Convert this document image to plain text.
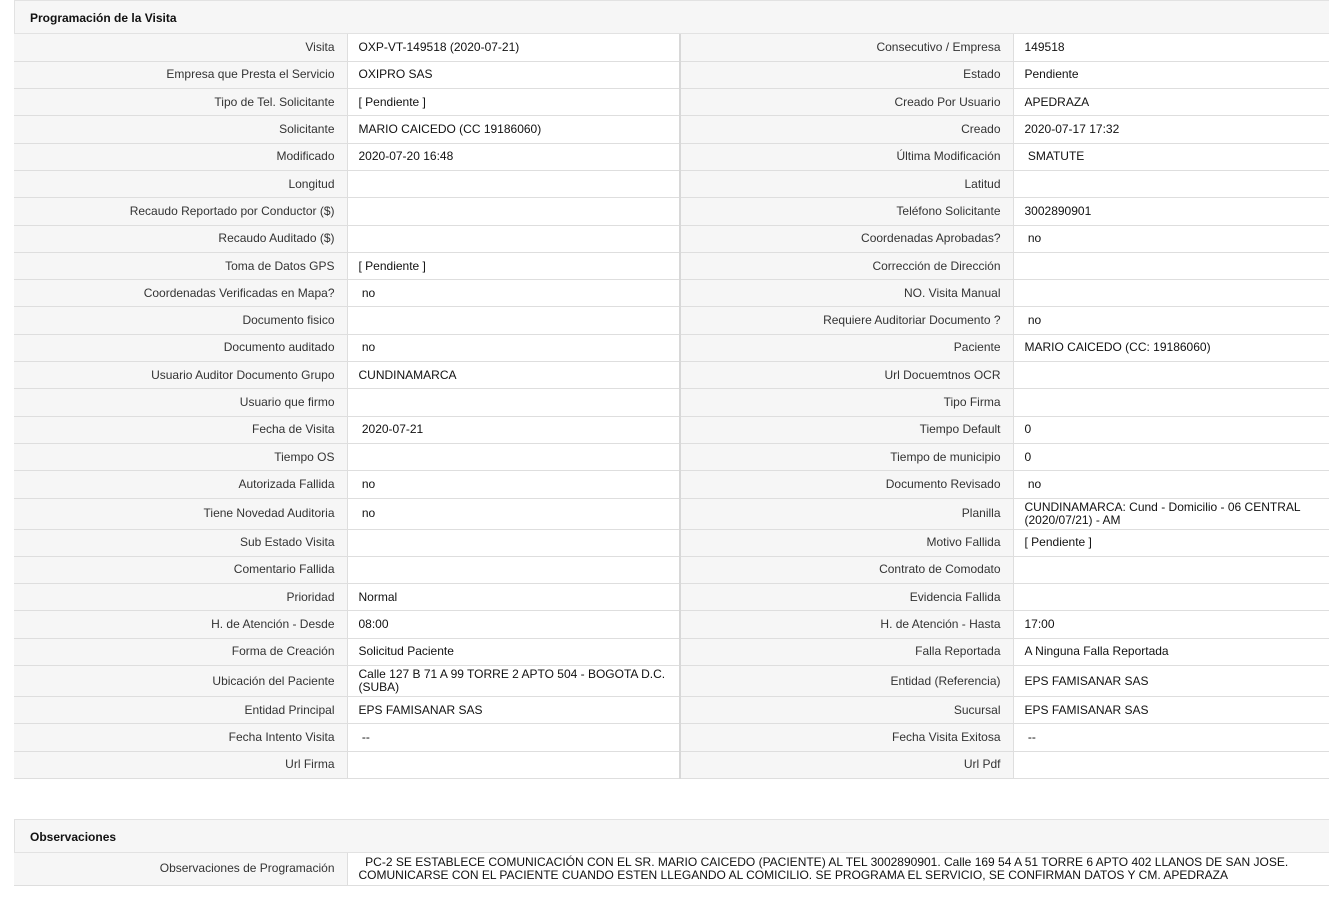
Programación de la Visita
Visita	OXP-VT-149518 (2020-07-21)	Consecutivo / Empresa	149518
Empresa que Presta el Servicio	OXIPRO SAS	Estado	Pendiente
Tipo de Tel. Solicitante	[ Pendiente ]	Creado Por Usuario	APEDRAZA
Solicitante	MARIO CAICEDO (CC 19186060)	Creado	2020-07-17 17:32
Modificado	2020-07-20 16:48	Última Modificación	SMATUTE
Longitud		Latitud	
Recaudo Reportado por Conductor ($)		Teléfono Solicitante	3002890901
Recaudo Auditado ($)		Coordenadas Aprobadas?	no
Toma de Datos GPS	[ Pendiente ]	Corrección de Dirección	
Coordenadas Verificadas en Mapa?	no	NO. Visita Manual	
Documento fisico		Requiere Auditoriar Documento ?	no
Documento auditado	no	Paciente	MARIO CAICEDO (CC: 19186060)
Usuario Auditor Documento Grupo	CUNDINAMARCA	Url Docuemtnos OCR	
Usuario que firmo		Tipo Firma	
Fecha de Visita	2020-07-21	Tiempo Default	0
Tiempo OS		Tiempo de municipio	0
Autorizada Fallida	no	Documento Revisado	no
Tiene Novedad Auditoria	no	Planilla	CUNDINAMARCA: Cund - Domicilio - 06 CENTRAL (2020/07/21) - AM
Sub Estado Visita		Motivo Fallida	[ Pendiente ]
Comentario Fallida		Contrato de Comodato	
Prioridad	Normal	Evidencia Fallida	
H. de Atención - Desde	08:00	H. de Atención - Hasta	17:00
Forma de Creación	Solicitud Paciente	Falla Reportada	A Ninguna Falla Reportada
Ubicación del Paciente	Calle 127 B 71 A 99 TORRE 2 APTO 504 - BOGOTA D.C. (SUBA)	Entidad (Referencia)	EPS FAMISANAR SAS
Entidad Principal	EPS FAMISANAR SAS	Sucursal	EPS FAMISANAR SAS
Fecha Intento Visita	--	Fecha Visita Exitosa	--
Url Firma		Url Pdf	
Observaciones
Observaciones de Programación	PC-2 SE ESTABLECE COMUNICACIÓN CON EL SR. MARIO CAICEDO (PACIENTE) AL TEL 3002890901. Calle 169 54 A 51 TORRE 6 APTO 402 LLANOS DE SAN JOSE. COMUNICARSE CON EL PACIENTE CUANDO ESTEN LLEGANDO AL COMICILIO. SE PROGRAMA EL SERVICIO, SE CONFIRMAN DATOS Y CM. APEDRAZA
